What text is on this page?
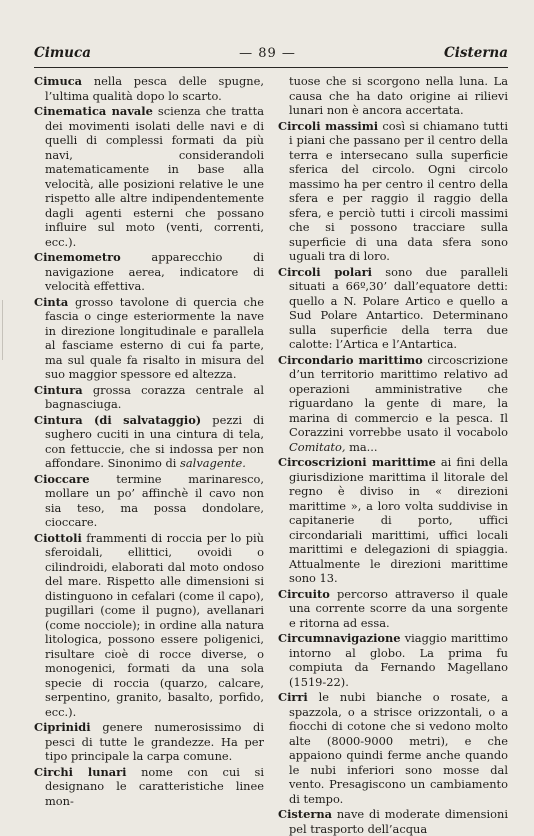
Cimuca	— 89 —	Cisterna

Cimuca nella pesca delle spugne, l’ultima qualità dopo lo scarto.

Cinematica navale scienza che tratta dei movimenti isolati delle navi e di quelli di complessi formati da più navi, considerandoli matematicamente in base alla velocità, alle posizioni relative le une rispetto alle altre indipendentemente dagli agenti esterni che possano influire sul moto (venti, correnti, ecc.).

Cinemometro apparecchio di navigazione aerea, indicatore di velocità effettiva.

Cinta grosso tavolone di quercia che fascia o cinge esteriormente la nave in direzione longitudinale e parallela al fasciame esterno di cui fa parte, ma sul quale fa risalto in misura del suo maggior spessore ed altezza.

Cintura grossa corazza centrale al bagnasciuga.

Cintura (di salvataggio) pezzi di sughero cuciti in una cintura di tela, con fettuccie, che si indossa per non affondare. Sinonimo di salvagente.

Cioccare termine marinaresco, mollare un po’ affinchè il cavo non sia teso, ma possa dondolare, cioccare.

Ciottoli frammenti di roccia per lo più sferoidali, ellittici, ovoidi o cilindroidi, elaborati dal moto ondoso del mare. Rispetto alle dimensioni si distinguono in cefalari (come il capo), pugillari (come il pugno), avellanari (come nocciole); in ordine alla natura litologica, possono essere poligenici, risultare cioè di rocce diverse, o monogenici, formati da una sola specie di roccia (quarzo, calcare, serpentino, granito, basalto, porfido, ecc.).

Ciprinidi genere numerosissimo di pesci di tutte le grandezze. Ha per tipo principale la carpa comune.

Circhi lunari nome con cui si designano le caratteristiche linee mon-

tuose che si scorgono nella luna. La causa che ha dato origine ai rilievi lunari non è ancora accertata.

Circoli massimi così si chiamano tutti i piani che passano per il centro della terra e intersecano sulla superficie sferica del circolo. Ogni circolo massimo ha per centro il centro della sfera e per raggio il raggio della sfera, e perciò tutti i circoli massimi che si possono tracciare sulla superficie di una data sfera sono uguali tra di loro.

Circoli polari sono due paralleli situati a 66º,30’ dall’equatore detti: quello a N. Polare Artico e quello a Sud Polare Antartico. Determinano sulla superficie della terra due calotte: l’Artica e l’Antartica.

Circondario marittimo circoscrizione d’un territorio marittimo relativo ad operazioni amministrative che riguardano la gente di mare, la marina di commercio e la pesca. Il Corazzini vorrebbe usato il vocabolo Comitato, ma...

Circoscrizioni marittime ai fini della giurisdizione marittima il litorale del regno è diviso in « direzioni marittime », a loro volta suddivise in capitanerie di porto, uffici circondariali marittimi, uffici locali marittimi e delegazioni di spiaggia. Attualmente le direzioni marittime sono 13.

Circuito percorso attraverso il quale una corrente scorre da una sorgente e ritorna ad essa.

Circumnavigazione viaggio marittimo intorno al globo. La prima fu compiuta da Fernando Magellano (1519-22).

Cirri le nubi bianche o rosate, a spazzola, o a strisce orizzontali, o a fiocchi di cotone che si vedono molto alte (8000-9000 metri), e che appaiono quindi ferme anche quando le nubi inferiori sono mosse dal vento. Presagiscono un cambiamento di tempo.

Cisterna nave di moderate dimensioni pel trasporto dell’acqua
